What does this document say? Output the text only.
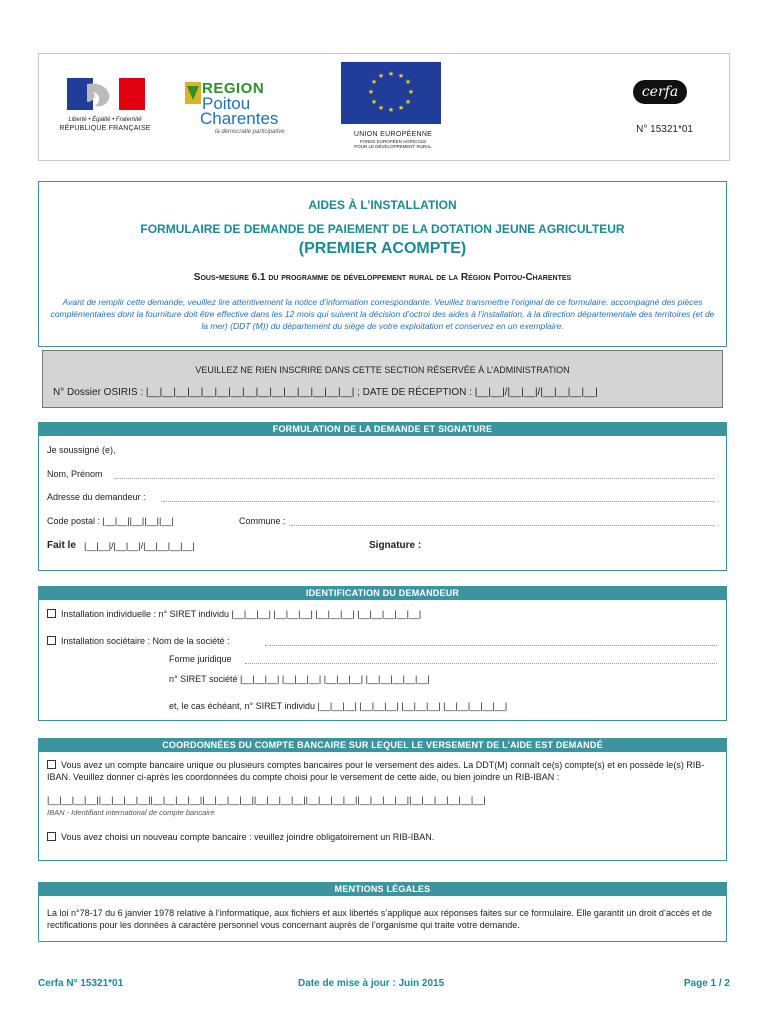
Liberté • Égalité • Fraternité
RÉPUBLIQUE FRANÇAISE
REGION
Poitou
Charentes
la démocratie participative
★ ★
★
★
★
★
★
★
★
★
★
★
UNION EUROPÉENNE
FONDS EUROPÉEN AGRICOLE
POUR LE DÉVELOPPEMENT RURAL
cerfa
N° 15321*01
AIDES À L’INSTALLATION
FORMULAIRE DE DEMANDE DE PAIEMENT DE LA DOTATION JEUNE AGRICULTEUR
(PREMIER ACOMPTE)
Sous-mesure 6.1 du programme de développement rural de la Région Poitou-Charentes
Avant de remplir cette demande, veuillez lire attentivement la notice d’information correspondante. Veuillez transmettre l’original de ce formulaire, accompagné des pièces complémentaires dont la fourniture doit être effective dans les 12 mois qui suivent la décision d’octroi des aides à l’installation, à la direction départementale des territoires (et de la mer) (DDT (M)) du département du siège de votre exploitation et conservez en un exemplaire.
VEUILLEZ NE RIEN INSCRIRE DANS CETTE SECTION RÉSERVÉE À L’ADMINISTRATION
N° Dossier OSIRIS : |__|__|__|__|__|__|__|__|__|__|__|__|__|__|__| ; DATE DE RÉCEPTION : |__|__|/|__|__|/|__|__|__|__|
FORMULATION DE LA DEMANDE ET SIGNATURE
Je soussigné (e),
Nom, Prénom
Adresse du demandeur :
Code postal : |__|__||__||__||__|	Commune :
Fait le |__|__|/|__|__|/|__|__|__|__|	Signature :
IDENTIFICATION DU DEMANDEUR
Installation individuelle : n° SIRET individu |__|__|__| |__|__|__| |__|__|__| |__|__|__|__|__|
Installation sociétaire : Nom de la société :
Forme juridique
n° SIRET société |__|__|__| |__|__|__| |__|__|__| |__|__|__|__|__|
et, le cas échéant, n° SIRET individu |__|__|__| |__|__|__| |__|__|__| |__|__|__|__|__|
COORDONNÉES DU COMPTE BANCAIRE SUR LEQUEL LE VERSEMENT DE L’AIDE EST DEMANDÉ
Vous avez un compte bancaire unique ou plusieurs comptes bancaires pour le versement des aides. La DDT(M) connaît ce(s) compte(s) et en possède le(s) RIB-IBAN. Veuillez donner ci-après les coordonnées du compte choisi pour le versement de cette aide, ou bien joindre un RIB-IBAN :
|__|__|__|__||__|__|__|__||__|__|__|__||__|__|__|__||__|__|__|__||__|__|__|__||__|__|__|__||__|__|__|__|__|__|
IBAN - Identifiant international de compte bancaire
Vous avez choisi un nouveau compte bancaire : veuillez joindre obligatoirement un RIB-IBAN.
MENTIONS LÉGALES
La loi n°78-17 du 6 janvier 1978 relative à l’informatique, aux fichiers et aux libertés s’applique aux réponses faites sur ce formulaire. Elle garantit un droit d’accès et de rectifications pour les données à caractère personnel vous concernant auprès de l’organisme qui traite votre demande.
Cerfa N° 15321*01	Date de mise à jour : Juin 2015	Page 1 / 2
